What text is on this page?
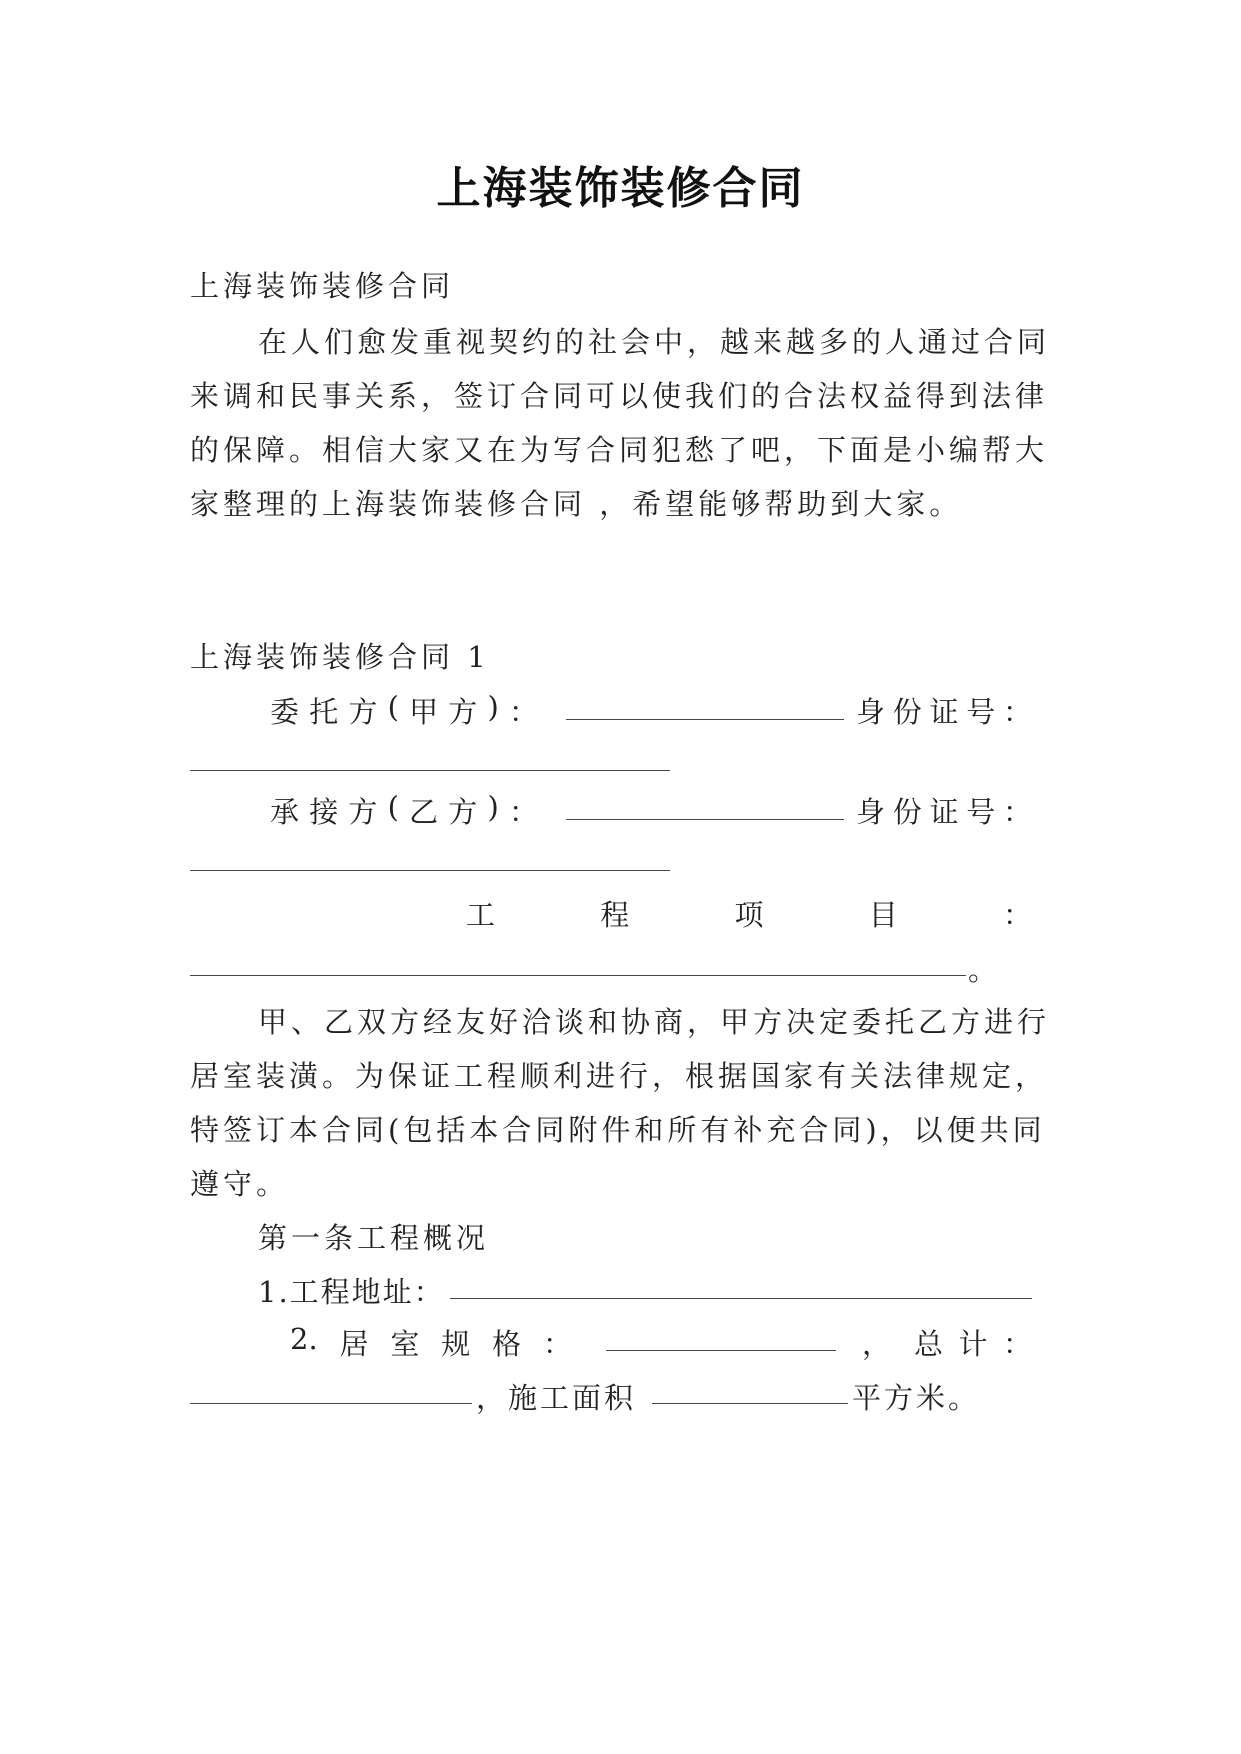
上海装饰装修合同
上海装饰装修合同
在人们愈发重视契约的社会中，越来越多的人通过合同
来调和民事关系，签订合同可以使我们的合法权益得到法律
的保障。相信大家又在为写合同犯愁了吧，下面是小编帮大
家整理的上海装饰装修合同 ，希望能够帮助到大家。
上海装饰装修合同 1
委 托 方 ( 甲 方 ) ：	身 份 证 号 ：
承 接 方 ( 乙 方 ) ：	身 份 证 号 ：
工	程	项	目	：
。
甲、乙双方经友好洽谈和协商，甲方决定委托乙方进行
居室装潢。为保证工程顺利进行，根据国家有关法律规定，
特签订本合同(包括本合同附件和所有补充合同)，以便共同
遵守。
第一条工程概况
1.工程地址：
2. 居 室 规 格 ：	， 总 计 ：
，施工面积	平方米。
